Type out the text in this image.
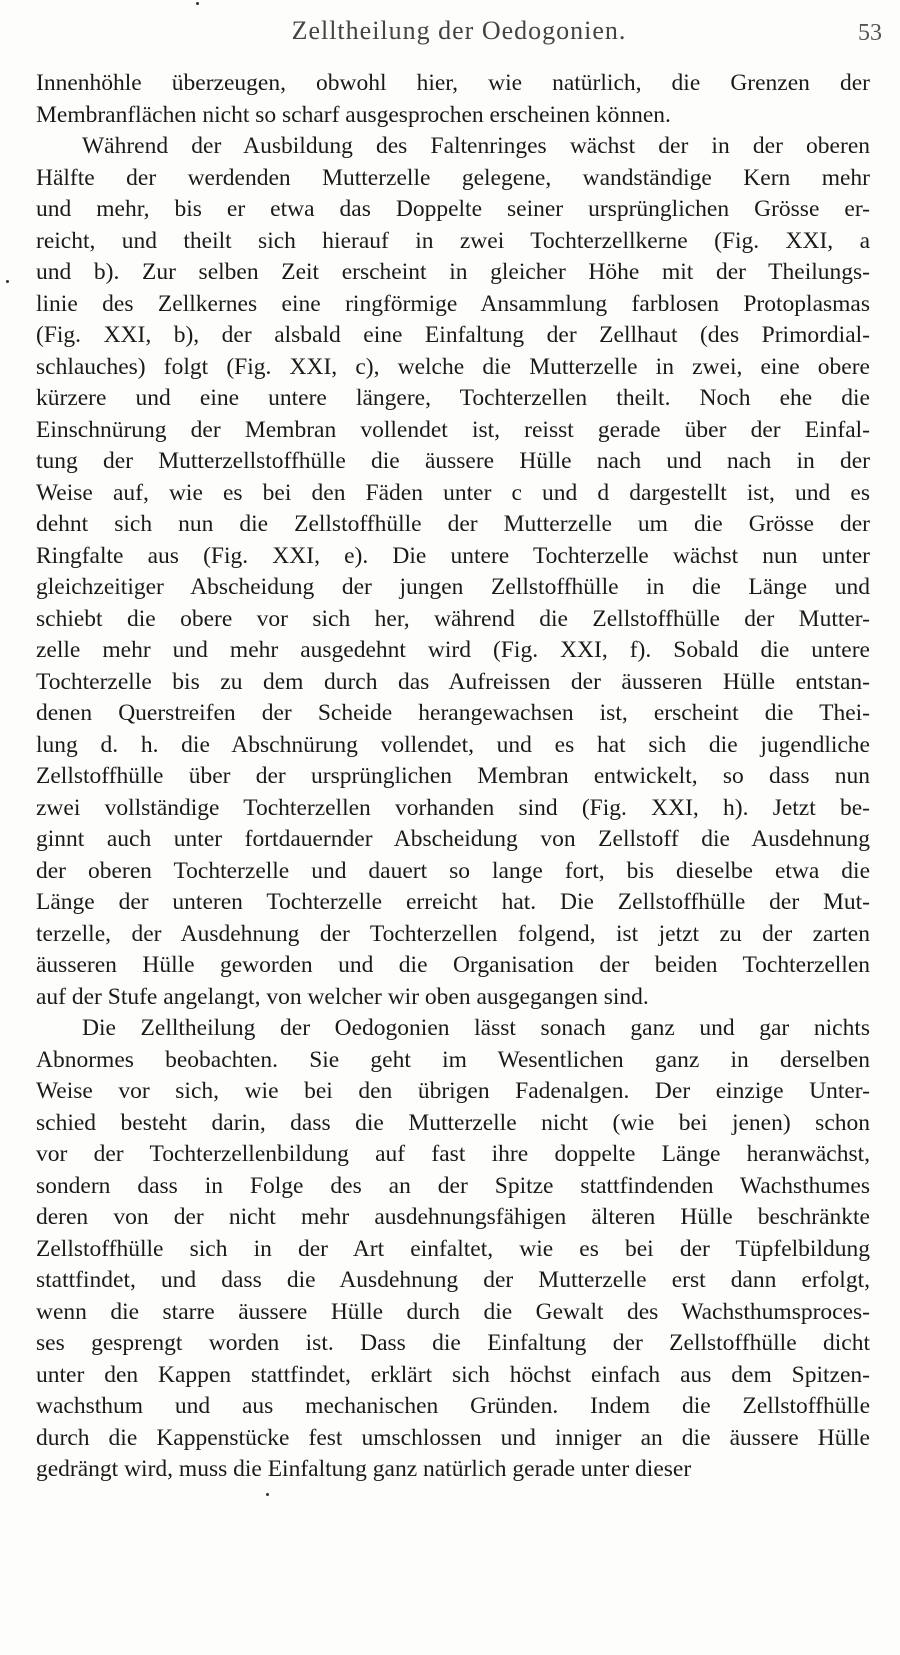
Zelltheilung der Oedogonien.	53
Innenhöhle überzeugen, obwohl hier, wie natürlich, die Grenzen der
Membranflächen nicht so scharf ausgesprochen erscheinen können.
Während der Ausbildung des Faltenringes wächst der in der oberen
Hälfte der werdenden Mutterzelle gelegene, wandständige Kern mehr
und mehr, bis er etwa das Doppelte seiner ursprünglichen Grösse er-
reicht, und theilt sich hierauf in zwei Tochterzellkerne (Fig. XXI, a
und b). Zur selben Zeit erscheint in gleicher Höhe mit der Theilungs-
linie des Zellkernes eine ringförmige Ansammlung farblosen Protoplasmas
(Fig. XXI, b), der alsbald eine Einfaltung der Zellhaut (des Primordial-
schlauches) folgt (Fig. XXI, c), welche die Mutterzelle in zwei, eine obere
kürzere und eine untere längere, Tochterzellen theilt. Noch ehe die
Einschnürung der Membran vollendet ist, reisst gerade über der Einfal-
tung der Mutterzellstoffhülle die äussere Hülle nach und nach in der
Weise auf, wie es bei den Fäden unter c und d dargestellt ist, und es
dehnt sich nun die Zellstoffhülle der Mutterzelle um die Grösse der
Ringfalte aus (Fig. XXI, e). Die untere Tochterzelle wächst nun unter
gleichzeitiger Abscheidung der jungen Zellstoffhülle in die Länge und
schiebt die obere vor sich her, während die Zellstoffhülle der Mutter-
zelle mehr und mehr ausgedehnt wird (Fig. XXI, f). Sobald die untere
Tochterzelle bis zu dem durch das Aufreissen der äusseren Hülle entstan-
denen Querstreifen der Scheide herangewachsen ist, erscheint die Thei-
lung d. h. die Abschnürung vollendet, und es hat sich die jugendliche
Zellstoffhülle über der ursprünglichen Membran entwickelt, so dass nun
zwei vollständige Tochterzellen vorhanden sind (Fig. XXI, h). Jetzt be-
ginnt auch unter fortdauernder Abscheidung von Zellstoff die Ausdehnung
der oberen Tochterzelle und dauert so lange fort, bis dieselbe etwa die
Länge der unteren Tochterzelle erreicht hat. Die Zellstoffhülle der Mut-
terzelle, der Ausdehnung der Tochterzellen folgend, ist jetzt zu der zarten
äusseren Hülle geworden und die Organisation der beiden Tochterzellen
auf der Stufe angelangt, von welcher wir oben ausgegangen sind.
Die Zelltheilung der Oedogonien lässt sonach ganz und gar nichts
Abnormes beobachten. Sie geht im Wesentlichen ganz in derselben
Weise vor sich, wie bei den übrigen Fadenalgen. Der einzige Unter-
schied besteht darin, dass die Mutterzelle nicht (wie bei jenen) schon
vor der Tochterzellenbildung auf fast ihre doppelte Länge heranwächst,
sondern dass in Folge des an der Spitze stattfindenden Wachsthumes
deren von der nicht mehr ausdehnungsfähigen älteren Hülle beschränkte
Zellstoffhülle sich in der Art einfaltet, wie es bei der Tüpfelbildung
stattfindet, und dass die Ausdehnung der Mutterzelle erst dann erfolgt,
wenn die starre äussere Hülle durch die Gewalt des Wachsthumsproces-
ses gesprengt worden ist. Dass die Einfaltung der Zellstoffhülle dicht
unter den Kappen stattfindet, erklärt sich höchst einfach aus dem Spitzen-
wachsthum und aus mechanischen Gründen. Indem die Zellstoffhülle
durch die Kappenstücke fest umschlossen und inniger an die äussere Hülle
gedrängt wird, muss die Einfaltung ganz natürlich gerade unter dieser
